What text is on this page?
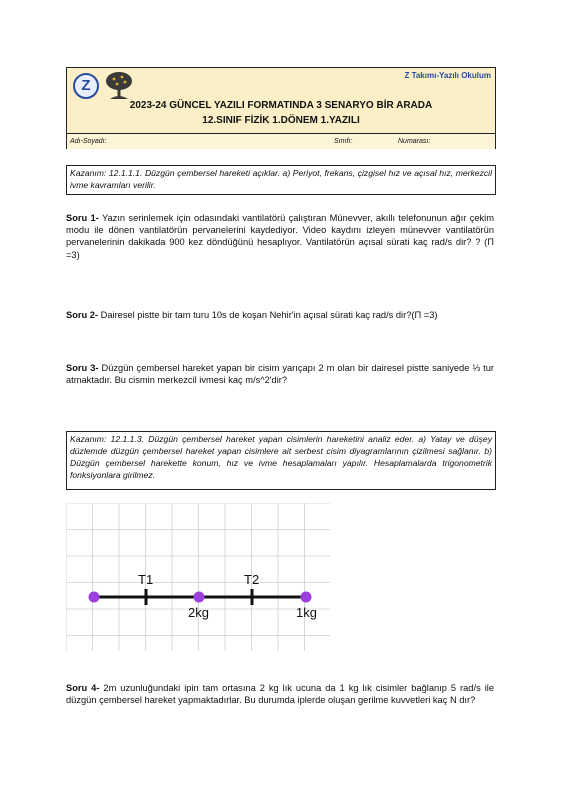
Z
Z Takımı-Yazılı Okulum
2023-24 GÜNCEL YAZILI FORMATINDA 3 SENARYO BİR ARADA
12.SINIF FİZİK 1.DÖNEM 1.YAZILI
Adı-Soyadı:	Sınıfı:	Numarası:
Kazanım: 12.1.1.1. Düzgün çembersel hareketi açıklar. a) Periyot, frekans, çizgisel hız ve açısal hız, merkezcil ivme kavramları verilir.
Soru 1- Yazın serinlemek için odasındaki vantilatörü çalıştıran Münevver, akıllı telefonunun ağır çekim modu ile dönen vantilatörün pervanelerini kaydediyor. Video kaydını izleyen münevver vantilatörün pervanelerinin dakikada 900 kez döndüğünü hesaplıyor. Vantilatörün açısal sürati kaç rad/s dir? ? (Π =3)
Soru 2- Dairesel pistte bir tam turu 10s de koşan Nehir'in açısal sürati kaç rad/s dir?(Π =3)
Soru 3- Düzgün çembersel hareket yapan bir cisim yarıçapı 2 m olan bir dairesel pistte saniyede ⅓ tur atmaktadır. Bu cismin merkezcil ivmesi kaç m/s^2'dir?
Kazanım: 12.1.1.3. Düzgün çembersel hareket yapan cisimlerin hareketini analiz eder. a) Yatay ve düşey düzlemde düzgün çembersel hareket yapan cisimlere ait serbest cisim diyagramlarının çizilmesi sağlanır. b) Düzgün çembersel harekette konum, hız ve ivme hesaplamaları yapılır. Hesaplamalarda trigonometrik fonksiyonlara girilmez.
T1	T2
2kg	1kg
Soru 4- 2m uzunluğundaki ipin tam ortasına 2 kg lık ucuna da 1 kg lık cisimler bağlanıp 5 rad/s ile düzgün çembersel hareket yapmaktadırlar. Bu durumda iplerde oluşan gerilme kuvvetleri kaç N dır?
